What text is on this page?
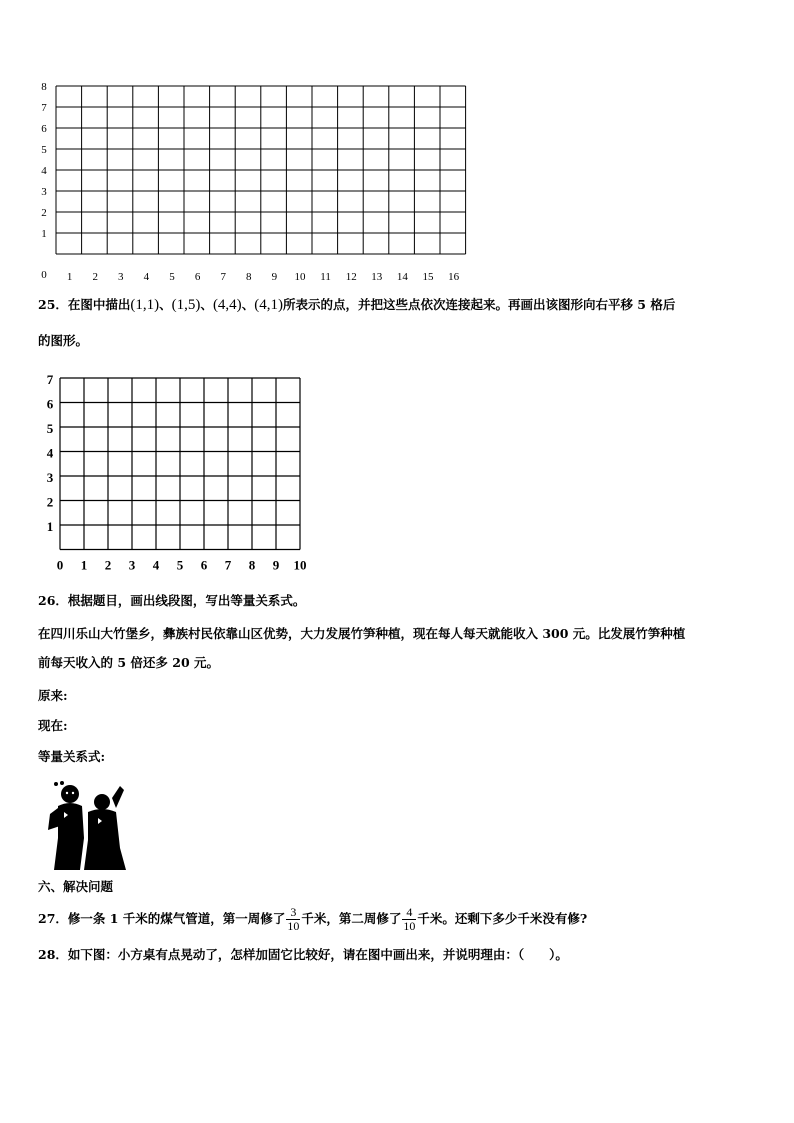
0
1
2
3
4
5
6
7
8
1 2 3 4 5 6 7 8 9 10 11 12 13 14 15 16
25．在图中描出(1,1)、(1,5)、(4,4)、(4,1)所表示的点，并把这些点依次连接起来。再画出该图形向右平移 5 格后
的图形。
1
2
3
4
5
6
7
0 1 2 3 4 5 6 7 8 9 10
26．根据题目，画出线段图，写出等量关系式。
在四川乐山大竹堡乡，彝族村民依靠山区优势，大力发展竹笋种植，现在每人每天就能收入 300 元。比发展竹笋种植
前每天收入的 5 倍还多 20 元。
原来:
现在:
等量关系式:
六、解决问题
27．修一条 1 千米的煤气管道，第一周修了 $\frac{3}{10}$ 千米，第二周修了 $\frac{4}{10}$ 千米。还剩下多少千米没有修?
28．如下图：小方桌有点晃动了，怎样加固它比较好，请在图中画出来，并说明理由：（　　）。
